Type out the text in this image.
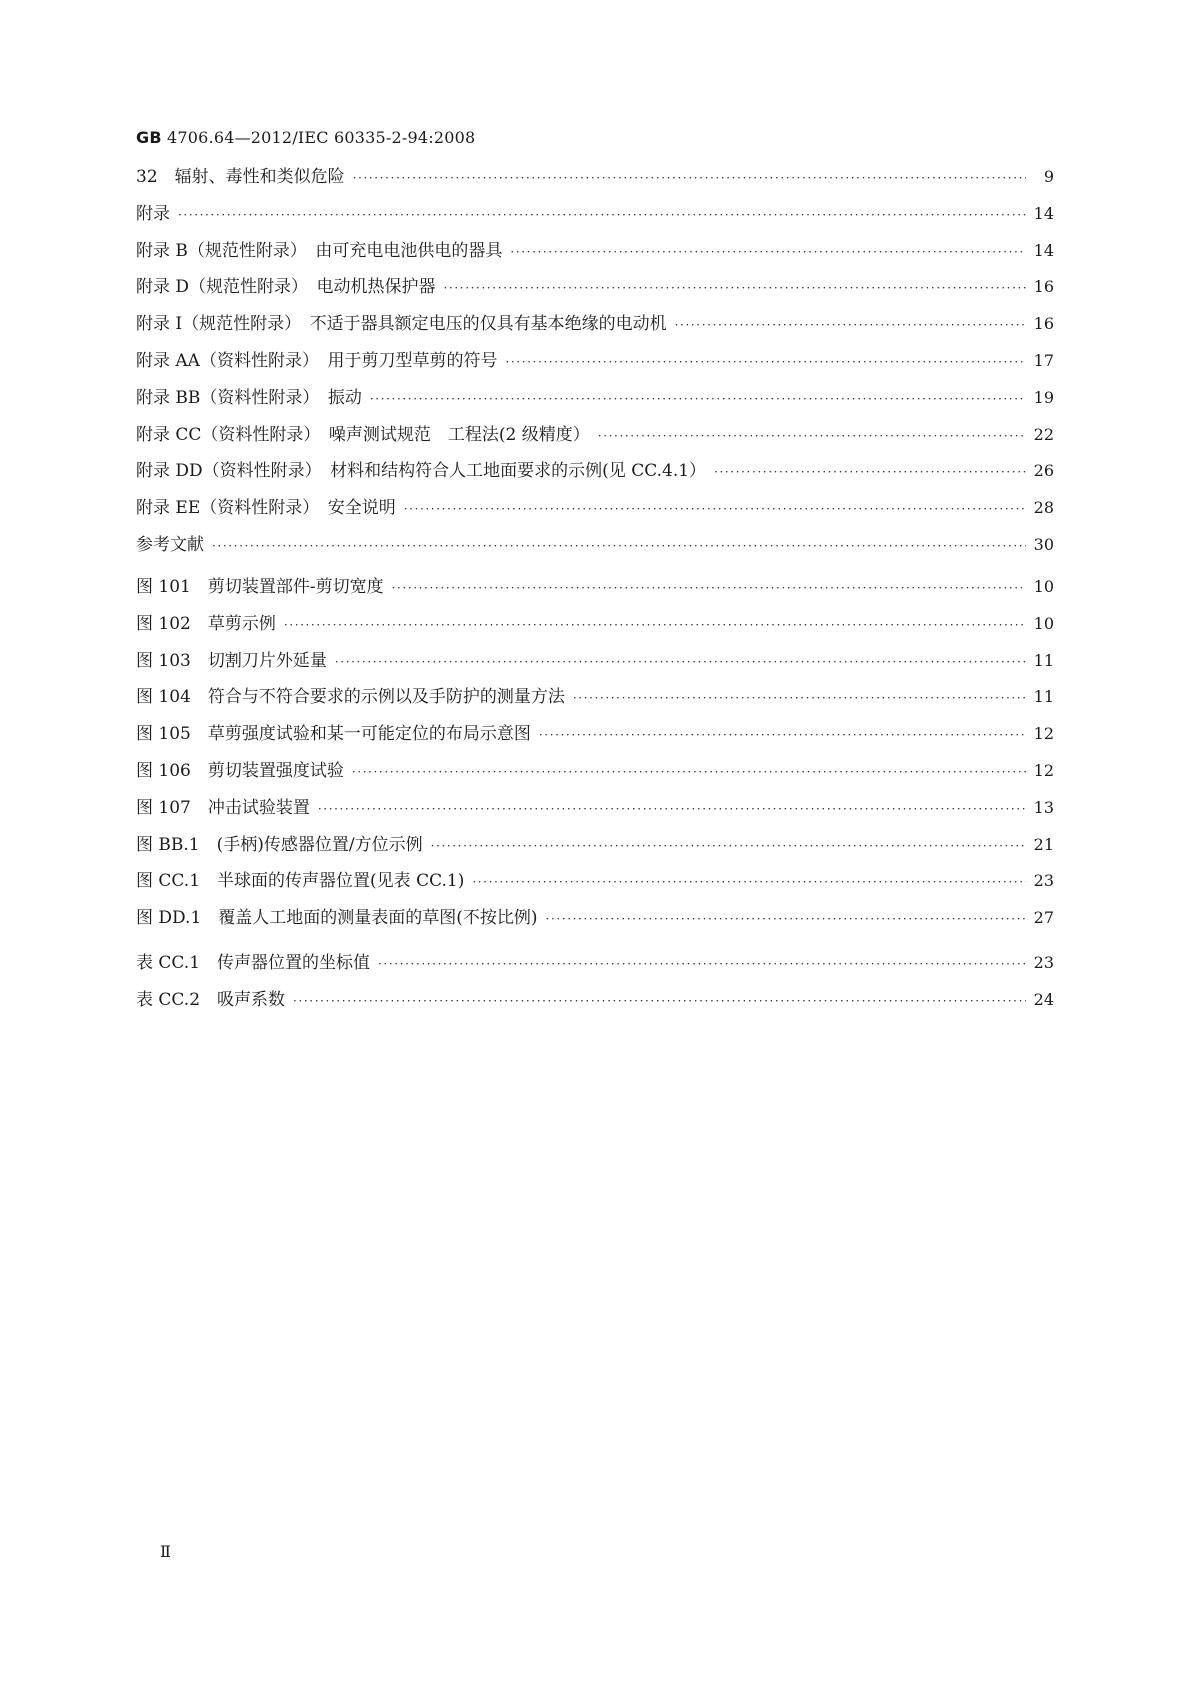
GB 4706.64—2012/IEC 60335-2-94:2008
32　辐射、毒性和类似危险 ·····	9
附录 ·····	14
附录 B（规范性附录）　由可充电电池供电的器具 ·····	14
附录 D（规范性附录）　电动机热保护器 ·····	16
附录 I（规范性附录）　不适于器具额定电压的仅具有基本绝缘的电动机 ·····	16
附录 AA（资料性附录）　用于剪刀型草剪的符号 ·····	17
附录 BB（资料性附录）　振动 ·····	19
附录 CC（资料性附录）　噪声测试规范　工程法(2 级精度） ·····	22
附录 DD（资料性附录）　材料和结构符合人工地面要求的示例(见 CC.4.1） ·····	26
附录 EE（资料性附录）　安全说明 ·····	28
参考文献 ·····	30
图 101　剪切装置部件-剪切宽度 ·····	10
图 102　草剪示例 ·····	10
图 103　切割刀片外延量 ·····	11
图 104　符合与不符合要求的示例以及手防护的测量方法 ·····	11
图 105　草剪强度试验和某一可能定位的布局示意图 ·····	12
图 106　剪切装置强度试验 ·····	12
图 107　冲击试验装置 ·····	13
图 BB.1　(手柄)传感器位置/方位示例 ·····	21
图 CC.1　半球面的传声器位置(见表 CC.1) ·····	23
图 DD.1　覆盖人工地面的测量表面的草图(不按比例) ·····	27
表 CC.1　传声器位置的坐标值 ·····	23
表 CC.2　吸声系数 ·····	24
Ⅱ
